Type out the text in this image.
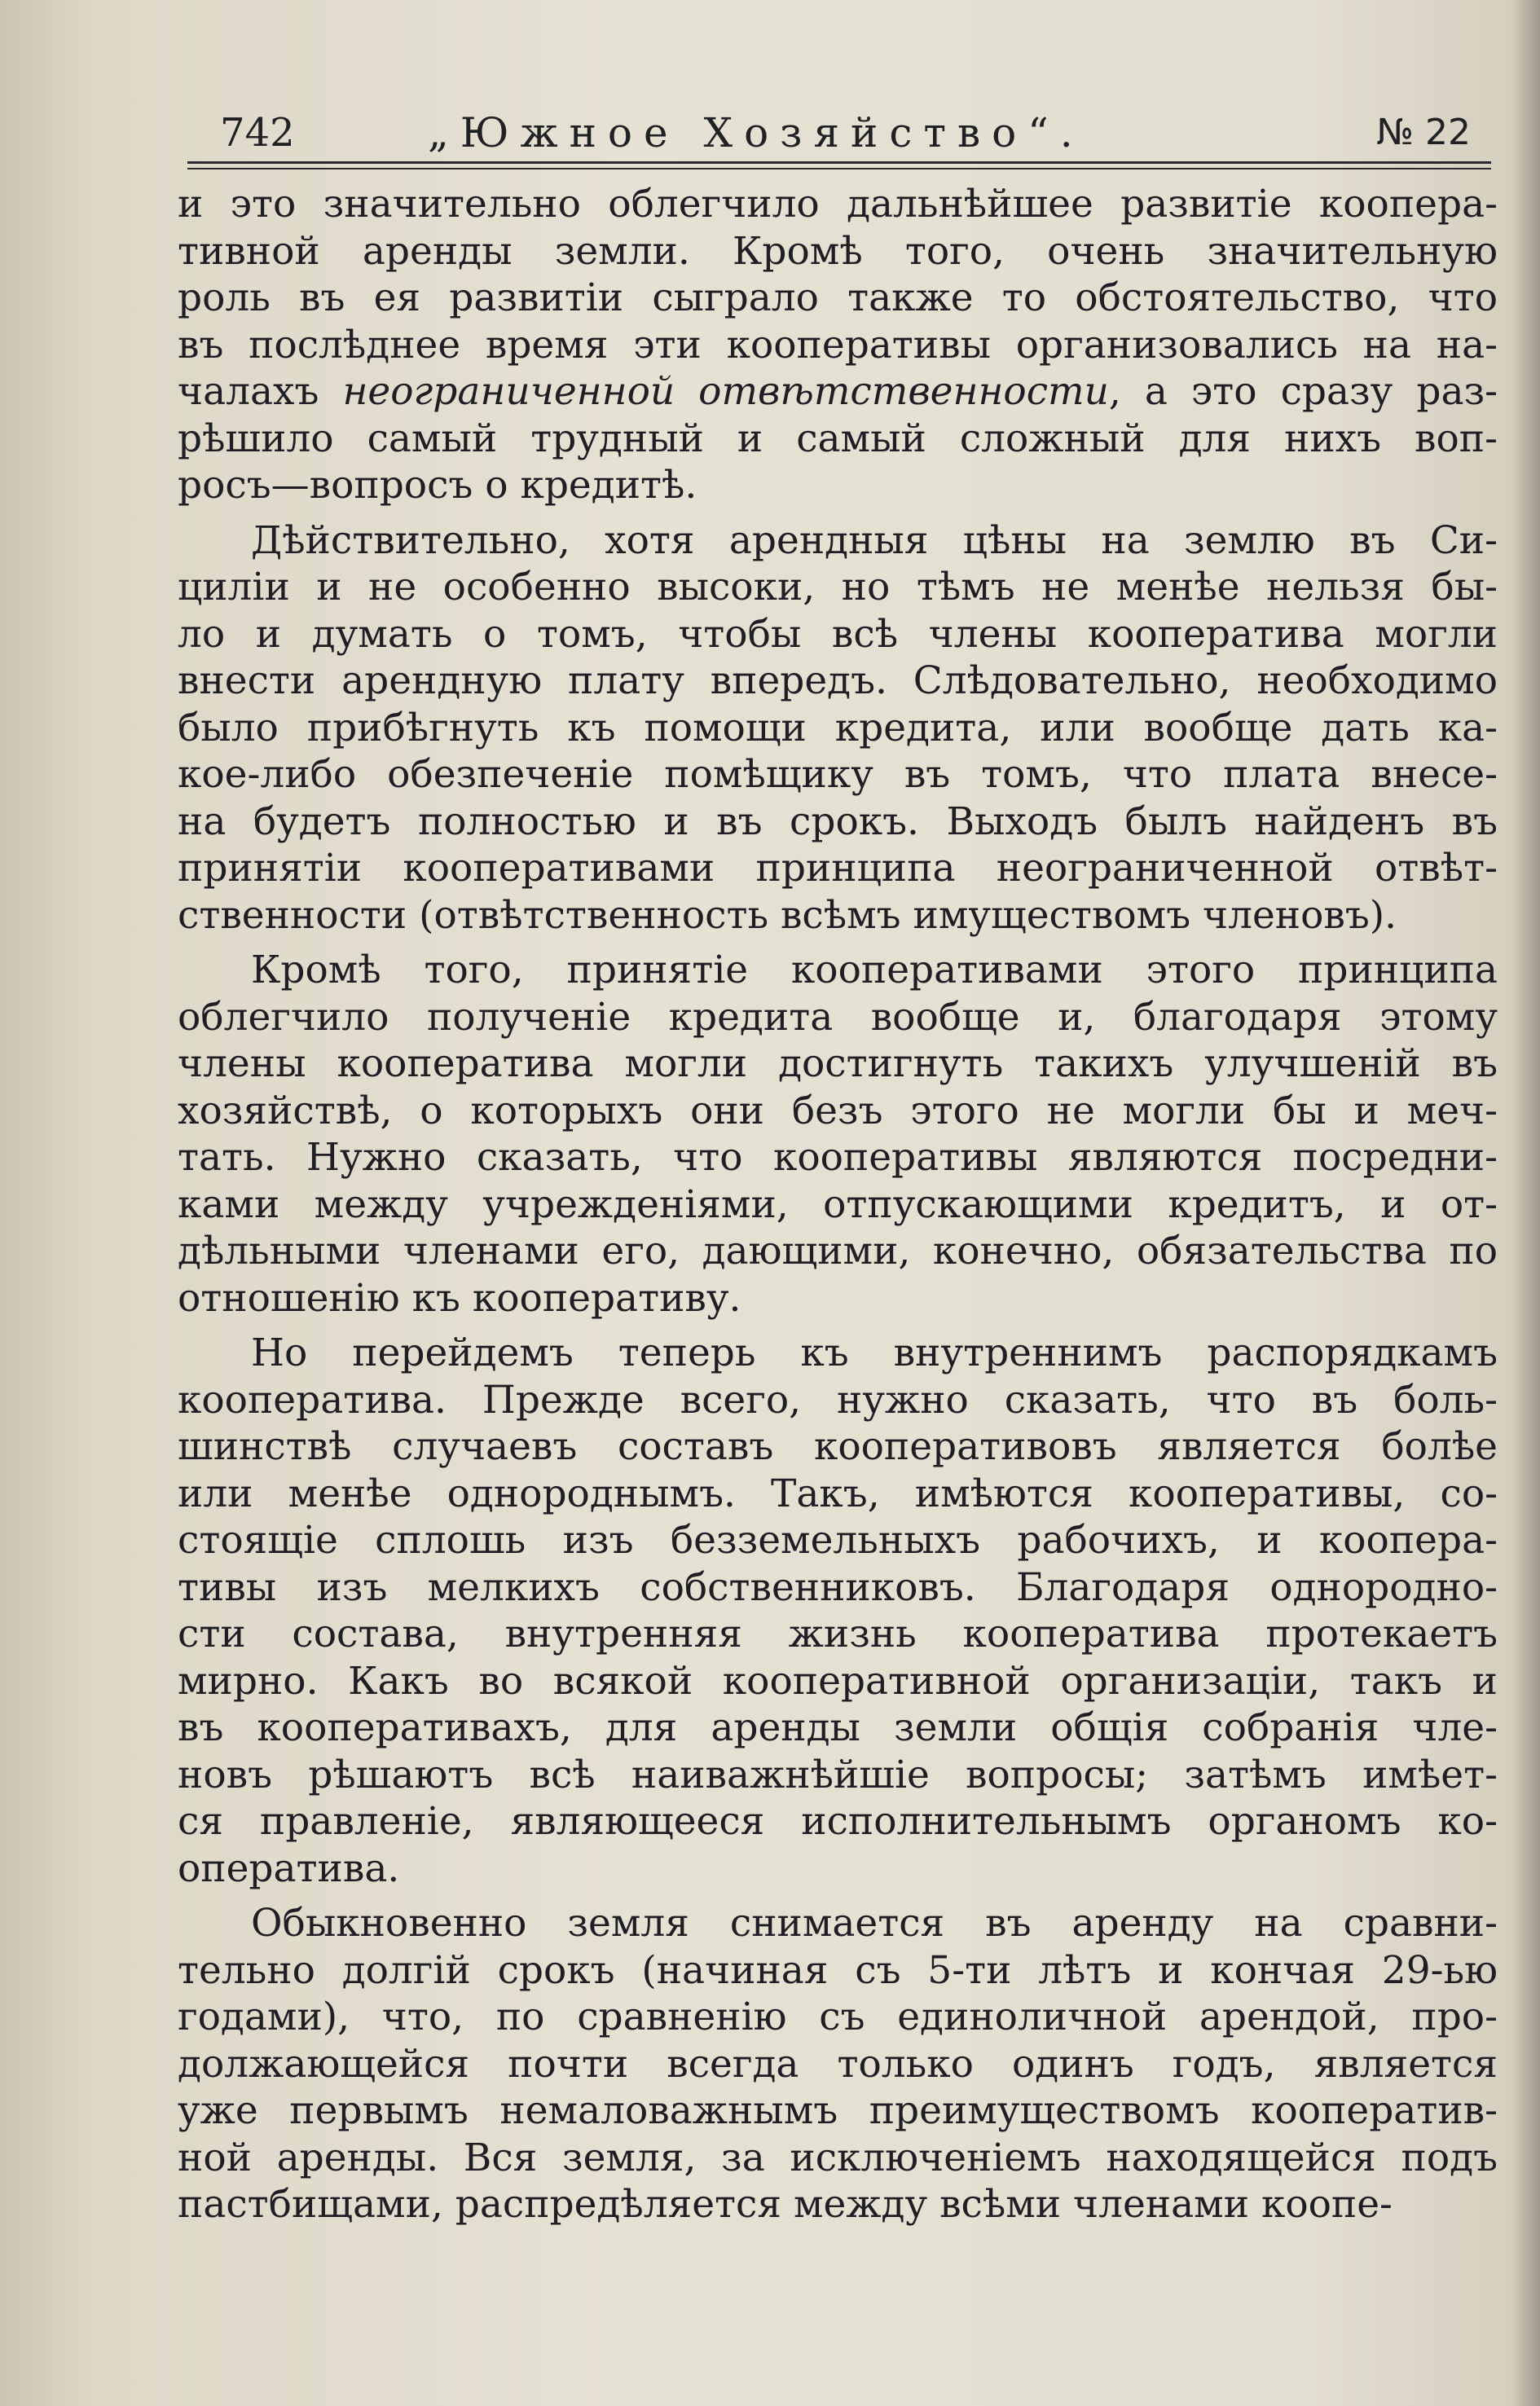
742	„Южное Хозяйство“.	№ 22
и это значительно облегчило дальнѣйшее развитіе коопера-
тивной аренды земли. Кромѣ того, очень значительную
роль въ ея развитіи сыграло также то обстоятельство, что
въ послѣднее время эти кооперативы организовались на на-
чалахъ неограниченной отвѣтственности, а это сразу раз-
рѣшило самый трудный и самый сложный для нихъ воп-
росъ—вопросъ о кредитѣ.
Дѣйствительно, хотя арендныя цѣны на землю въ Си-
циліи и не особенно высоки, но тѣмъ не менѣе нельзя бы-
ло и думать о томъ, чтобы всѣ члены кооператива могли
внести арендную плату впередъ. Слѣдовательно, необходимо
было прибѣгнуть къ помощи кредита, или вообще дать ка-
кое-либо обезпеченіе помѣщику въ томъ, что плата внесе-
на будетъ полностью и въ срокъ. Выходъ былъ найденъ въ
принятіи кооперативами принципа неограниченной отвѣт-
ственности (отвѣтственность всѣмъ имуществомъ членовъ).
Кромѣ того, принятіе кооперативами этого принципа
облегчило полученіе кредита вообще и, благодаря этому
члены кооператива могли достигнуть такихъ улучшеній въ
хозяйствѣ, о которыхъ они безъ этого не могли бы и меч-
тать. Нужно сказать, что кооперативы являются посредни-
ками между учрежденіями, отпускающими кредитъ, и от-
дѣльными членами его, дающими, конечно, обязательства по
отношенію къ кооперативу.
Но перейдемъ теперь къ внутреннимъ распорядкамъ
кооператива. Прежде всего, нужно сказать, что въ боль-
шинствѣ случаевъ составъ кооперативовъ является болѣе
или менѣе однороднымъ. Такъ, имѣются кооперативы, со-
стоящіе сплошь изъ безземельныхъ рабочихъ, и коопера-
тивы изъ мелкихъ собственниковъ. Благодаря однородно-
сти состава, внутренняя жизнь кооператива протекаетъ
мирно. Какъ во всякой кооперативной организаціи, такъ и
въ кооперативахъ, для аренды земли общія собранія чле-
новъ рѣшаютъ всѣ наиважнѣйшіе вопросы; затѣмъ имѣет-
ся правленіе, являющееся исполнительнымъ органомъ ко-
оператива.
Обыкновенно земля снимается въ аренду на сравни-
тельно долгій срокъ (начиная съ 5-ти лѣтъ и кончая 29-ью
годами), что, по сравненію съ единоличной арендой, про-
должающейся почти всегда только одинъ годъ, является
уже первымъ немаловажнымъ преимуществомъ кооператив-
ной аренды. Вся земля, за исключеніемъ находящейся подъ
пастбищами, распредѣляется между всѣми членами коопе-
